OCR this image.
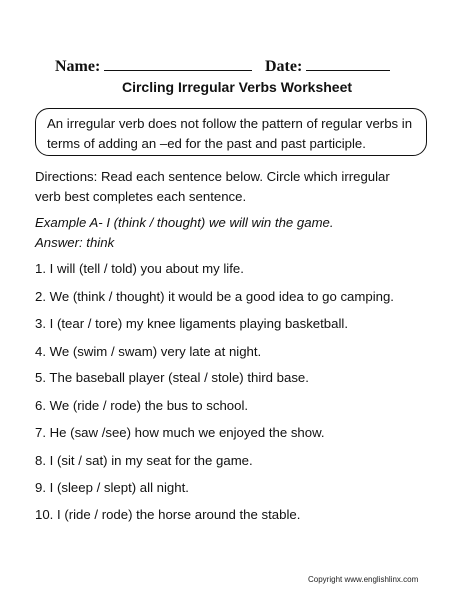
Name:	Date:
Circling Irregular Verbs Worksheet
An irregular verb does not follow the pattern of regular verbs in
terms of adding an –ed for the past and past participle.
Directions: Read each sentence below. Circle which irregular
verb best completes each sentence.
Example A- I (think / thought) we will win the game.
Answer: think
1. I will (tell / told) you about my life.
2. We (think / thought) it would be a good idea to go camping.
3. I (tear / tore) my knee ligaments playing basketball.
4. We (swim / swam) very late at night.
5. The baseball player (steal / stole) third base.
6. We (ride / rode) the bus to school.
7. He (saw /see) how much we enjoyed the show.
8. I (sit / sat) in my seat for the game.
9. I (sleep / slept) all night.
10. I (ride / rode) the horse around the stable.
Copyright www.englishlinx.com
